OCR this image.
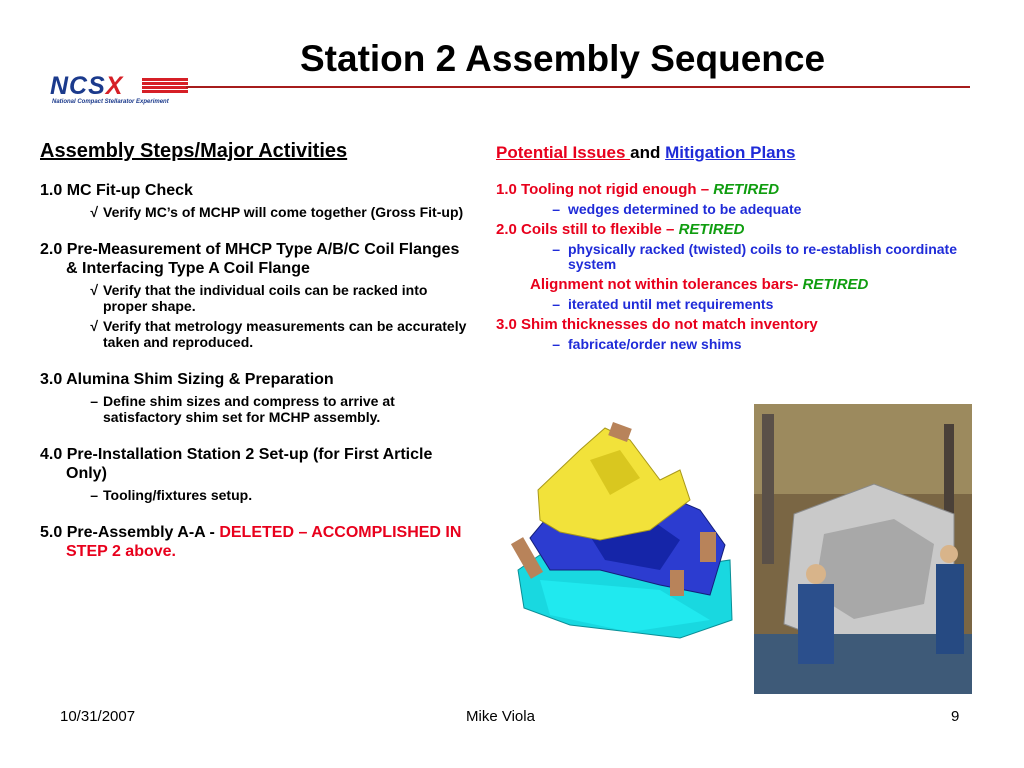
Station 2 Assembly Sequence
NCSX
National Compact Stellarator Experiment
Assembly Steps/Major Activities
1.0 MC Fit-up Check
√ Verify MC’s of MCHP will come together (Gross Fit-up)
2.0 Pre-Measurement of MHCP Type A/B/C Coil Flanges & Interfacing Type A Coil Flange
√ Verify that the individual coils can be racked into proper shape.
√ Verify that metrology measurements can be accurately taken and reproduced.
3.0 Alumina Shim Sizing & Preparation
– Define shim sizes and compress to arrive at satisfactory shim set for MCHP assembly.
4.0 Pre-Installation Station 2 Set-up (for First Article Only)
– Tooling/fixtures setup.
5.0 Pre-Assembly A-A - DELETED – ACCOMPLISHED IN STEP 2 above.
Potential Issues and Mitigation Plans
1.0 Tooling not rigid enough – RETIRED
– wedges determined to be adequate
2.0 Coils still to flexible – RETIRED
– physically racked (twisted) coils to re-establish coordinate system
Alignment not within tolerances bars- RETIRED
– iterated until met requirements
3.0 Shim thicknesses do not match inventory
– fabricate/order new shims
10/31/2007	Mike Viola	9
